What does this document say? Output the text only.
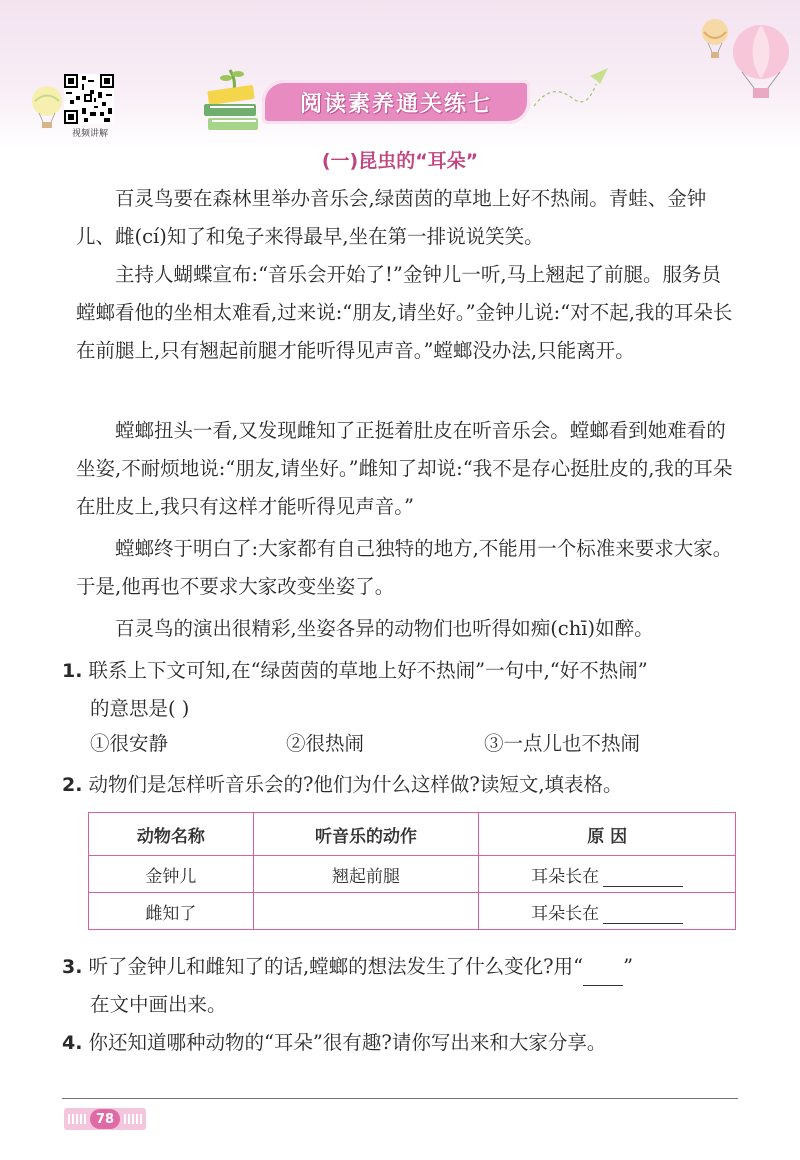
视频讲解
阅读素养通关练七
(一)昆虫的“耳朵”

百灵鸟要在森林里举办音乐会,绿茵茵的草地上好不热闹。青蛙、金钟儿、雌(cí)知了和兔子来得最早,坐在第一排说说笑笑。

主持人蝴蝶宣布:“音乐会开始了!”金钟儿一听,马上翘起了前腿。服务员螳螂看他的坐相太难看,过来说:“朋友,请坐好。”金钟儿说:“对不起,我的耳朵长在前腿上,只有翘起前腿才能听得见声音。”螳螂没办法,只能离开。

螳螂扭头一看,又发现雌知了正挺着肚皮在听音乐会。螳螂看到她难看的坐姿,不耐烦地说:“朋友,请坐好。”雌知了却说:“我不是存心挺肚皮的,我的耳朵在肚皮上,我只有这样才能听得见声音。”

螳螂终于明白了:大家都有自己独特的地方,不能用一个标准来要求大家。于是,他再也不要求大家改变坐姿了。

百灵鸟的演出很精彩,坐姿各异的动物们也听得如痴(chī)如醉。

1. 联系上下文可知,在“绿茵茵的草地上好不热闹”一句中,“好不热闹”
的意思是( )
①很安静	②很热闹	③一点儿也不热闹
2. 动物们是怎样听音乐会的?他们为什么这样做?读短文,填表格。
动物名称	听音乐的动作	原 因
金钟儿	翘起前腿	耳朵长在
雌知了		耳朵长在
3. 听了金钟儿和雌知了的话,螳螂的想法发生了什么变化?用“ ”
在文中画出来。
4. 你还知道哪种动物的“耳朵”很有趣?请你写出来和大家分享。
78
